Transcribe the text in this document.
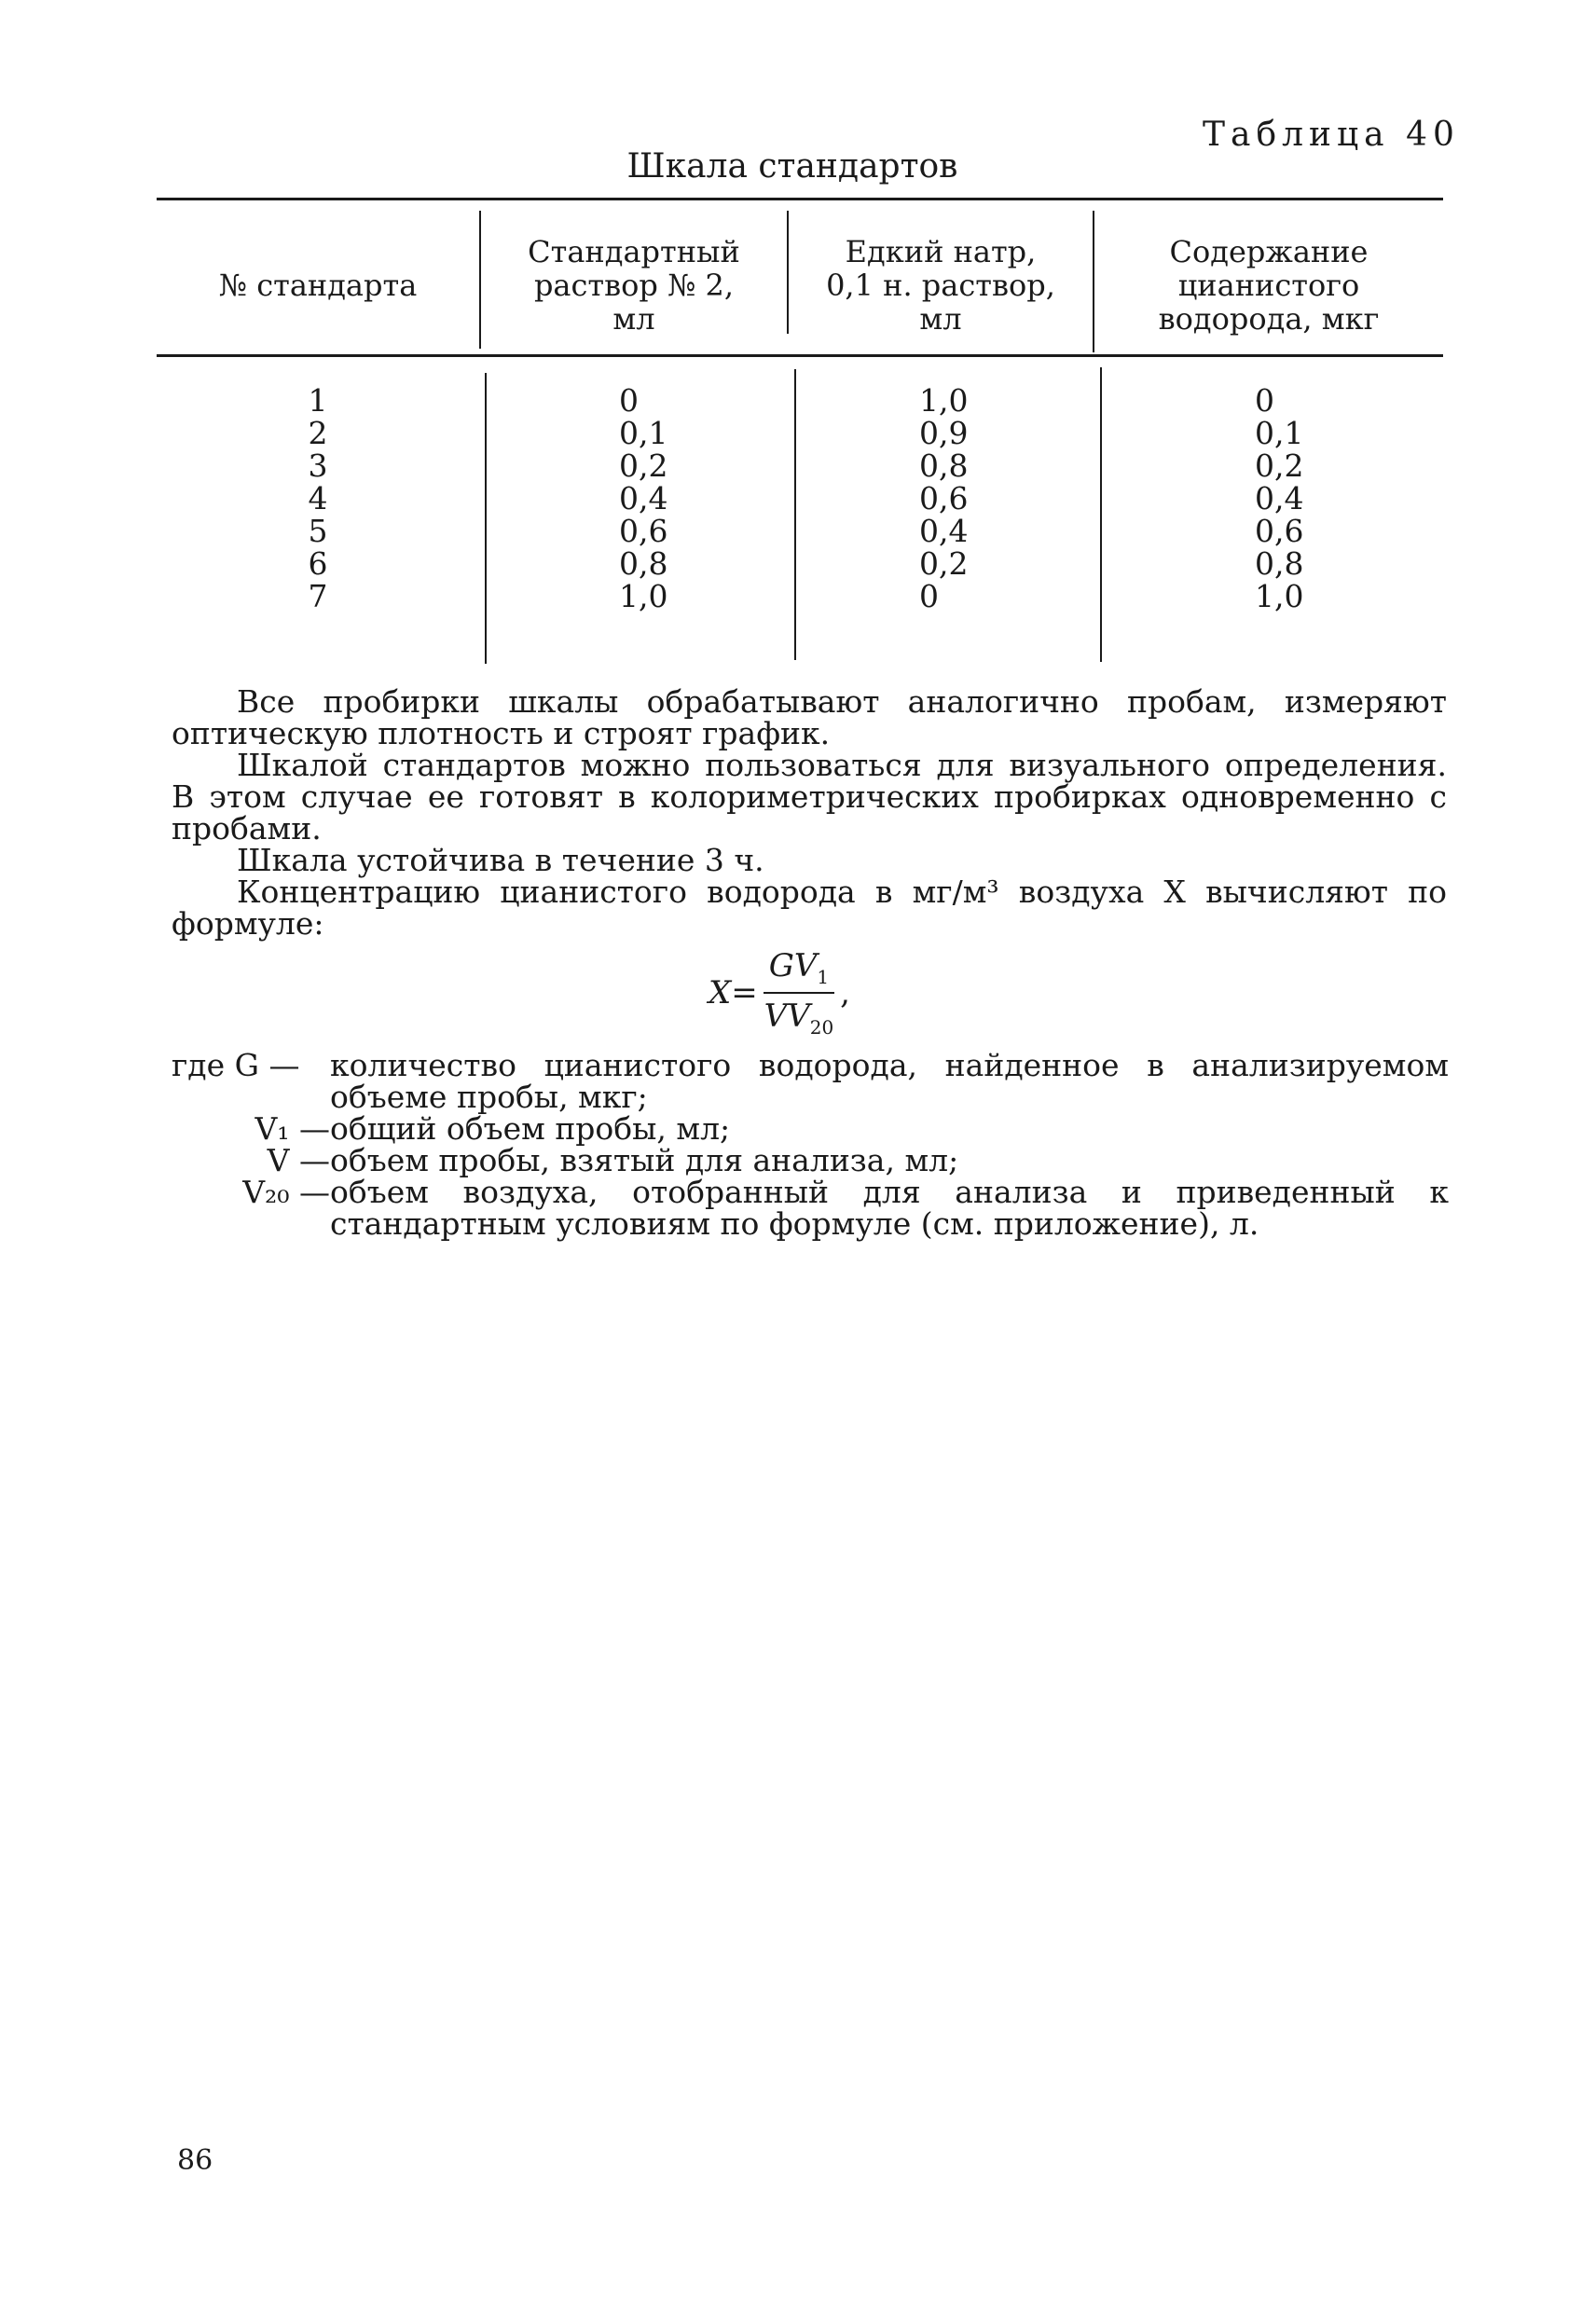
Таблица 40
Шкала стандартов
№ стандарта
Стандартный
раствор № 2,
мл
Едкий натр,
0,1 н. раствор,
мл
Содержание
цианистого
водорода, мкг
1
2
3
4
5
6
7
0
0,1
0,2
0,4
0,6
0,8
1,0
1,0
0,9
0,8
0,6
0,4
0,2
0
0
0,1
0,2
0,4
0,6
0,8
1,0

Все пробирки шкалы обрабатывают аналогично пробам, измеряют оптическую плотность и строят график.

Шкалой стандартов можно пользоваться для визуального определения. В этом случае ее готовят в колориметрических пробирках одновременно с пробами.

Шкала устойчива в течение 3 ч.

Концентрацию цианистого водорода в мг/м³ воздуха X вычисляют по формуле:

$X= \frac{GV_1}{VV_{20}}$ ,
где G — количество цианистого водорода, найденное в анализируемом объеме пробы, мкг;
V₁ — общий объем пробы, мл;
V — объем пробы, взятый для анализа, мл;
V₂₀ — объем воздуха, отобранный для анализа и приведенный к стандартным условиям по формуле (см. приложение), л.
86
